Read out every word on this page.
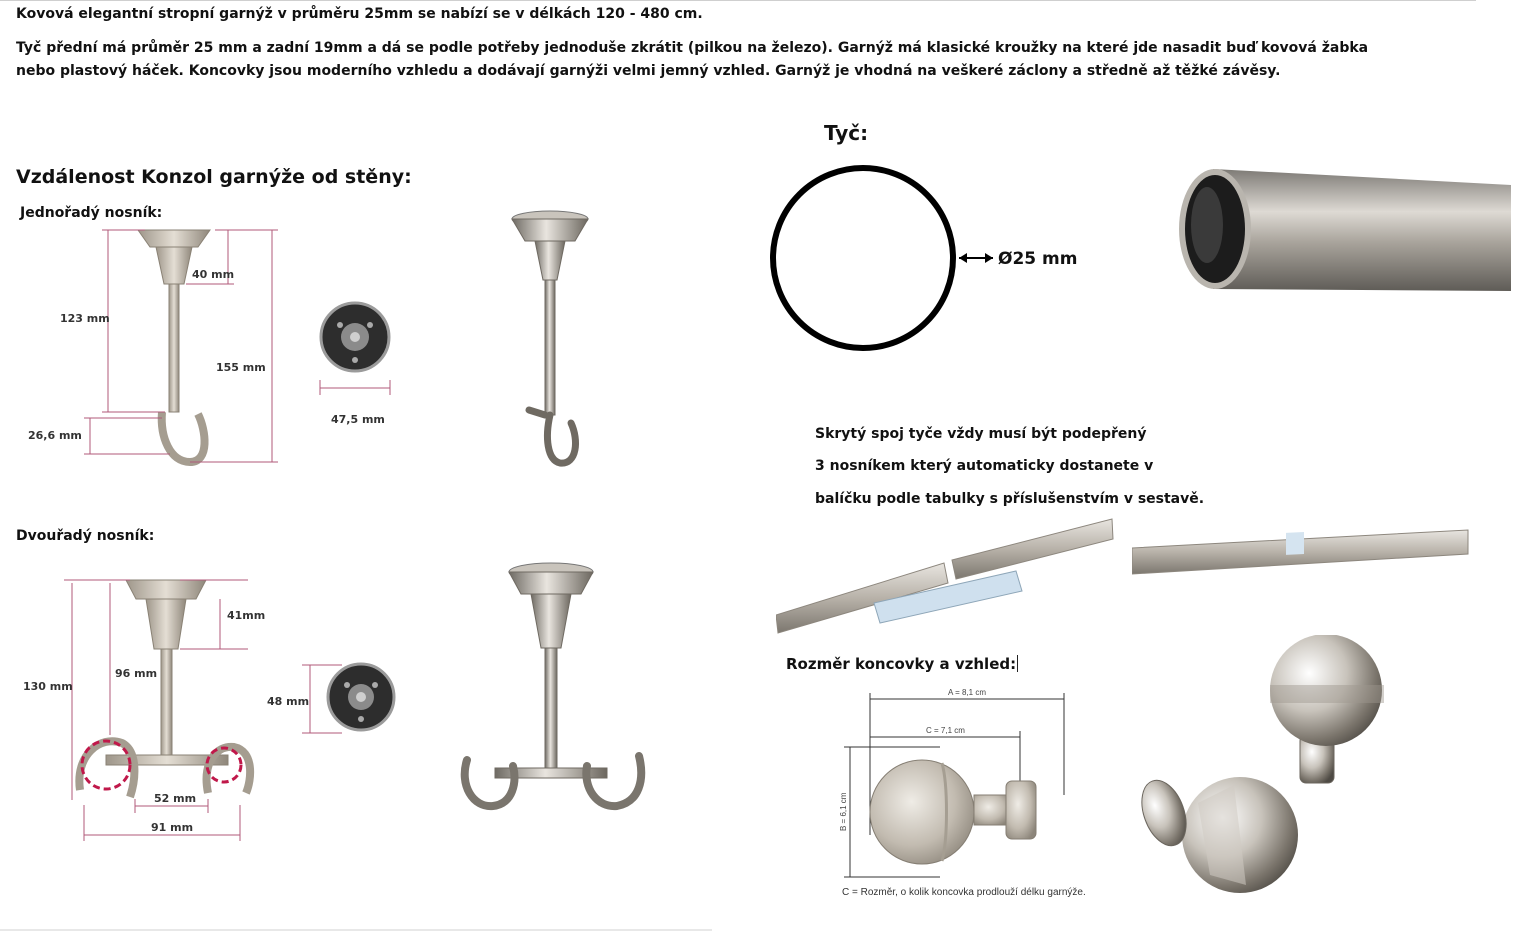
Kovová elegantní stropní garnýž v průměru 25mm se nabízí se v délkách 120 - 480 cm.
Tyč přední má průměr 25 mm a zadní 19mm a dá se podle potřeby jednoduše zkrátit (pilkou na železo). Garnýž má klasické kroužky na které jde nasadit buď kovová žabka nebo plastový háček. Koncovky jsou moderního vzhledu a dodávají garnýži velmi jemný vzhled. Garnýž je vhodná na veškeré záclony a středně až těžké závěsy.
Vzdálenost Konzol garnýže od stěny:
Jednořadý nosník:
Dvouřadý nosník:
40 mm
123 mm
155 mm
26,6 mm
47,5 mm
41mm
130 mm
96 mm
52 mm
91 mm
48 mm
Tyč:
Ø25 mm
Skrytý spoj tyče vždy musí být podepřený
3 nosníkem který automaticky dostanete v
balíčku podle tabulky s příslušenstvím v sestavě.
Rozměr koncovky a vzhled:
A = 8,1 cm
C = 7,1 cm
B = 6,1 cm
C = Rozměr, o kolik koncovka prodlouží délku garnýže.
